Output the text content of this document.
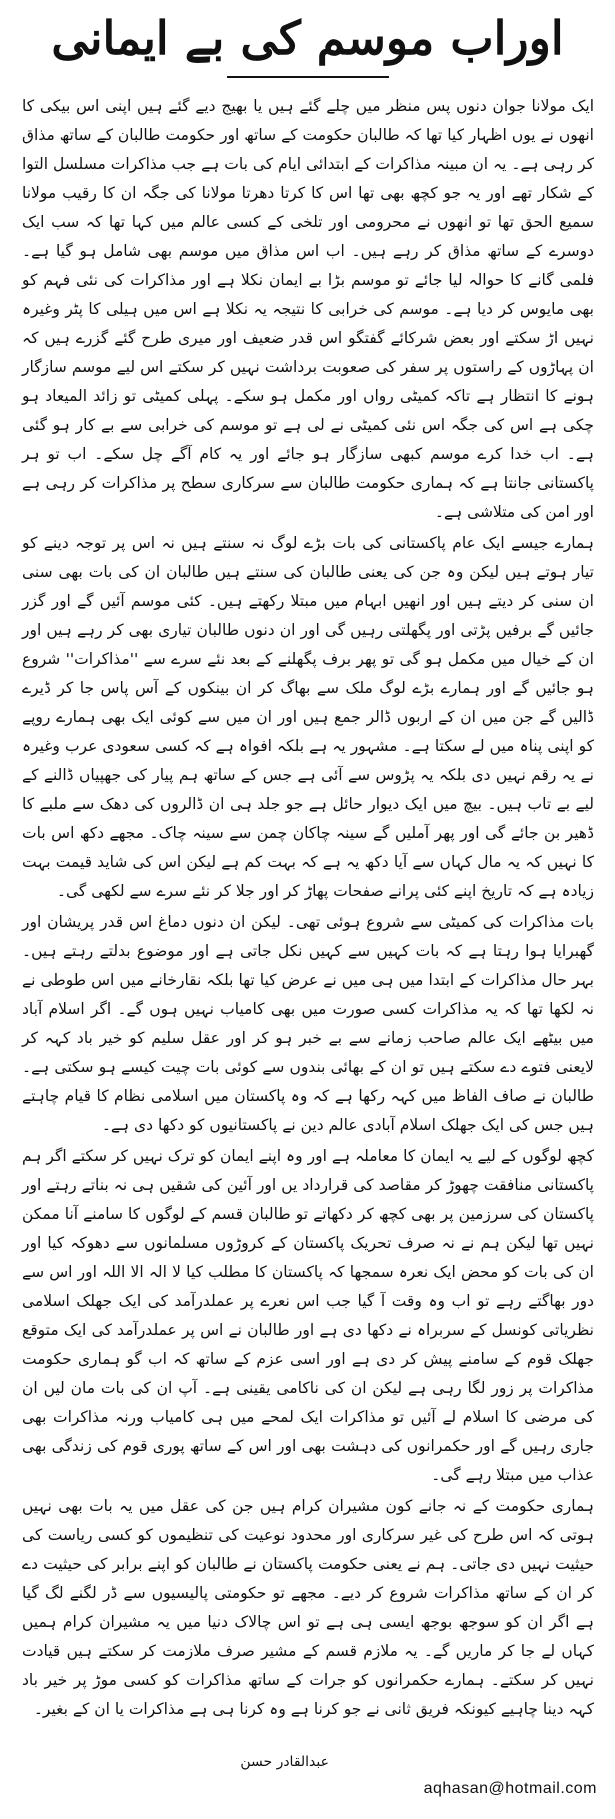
اوراب موسم کی بے ایمانی

ایک مولانا جوان دنوں پس منظر میں چلے گئے ہیں یا بھیج دیے گئے ہیں اپنی اس بیکی کا انھوں نے یوں اظہار کیا تھا کہ طالبان حکومت کے ساتھ اور حکومت طالبان کے ساتھ مذاق کر رہی ہے۔ یہ ان مبینہ مذاکرات کے ابتدائی ایام کی بات ہے جب مذاکرات مسلسل التوا کے شکار تھے اور یہ جو کچھ بھی تھا اس کا کرتا دھرتا مولانا کی جگہ ان کا رقیب مولانا سمیع الحق تھا تو انھوں نے محرومی اور تلخی کے کسی عالم میں کہا تھا کہ سب ایک دوسرے کے ساتھ مذاق کر رہے ہیں۔ اب اس مذاق میں موسم بھی شامل ہو گیا ہے۔ فلمی گانے کا حوالہ لیا جائے تو موسم بڑا بے ایمان نکلا ہے اور مذاکرات کی نئی فہم کو بھی مایوس کر دیا ہے۔ موسم کی خرابی کا نتیجہ یہ نکلا ہے اس میں ہیلی کا پٹر وغیرہ نہیں اڑ سکتے اور بعض شرکائے گفتگو اس قدر ضعیف اور میری طرح گئے گزرے ہیں کہ ان پہاڑوں کے راستوں پر سفر کی صعوبت برداشت نہیں کر سکتے اس لیے موسم سازگار ہونے کا انتظار ہے تاکہ کمیٹی رواں اور مکمل ہو سکے۔ پہلی کمیٹی تو زائد المیعاد ہو چکی ہے اس کی جگہ اس نئی کمیٹی نے لی ہے تو موسم کی خرابی سے بے کار ہو گئی ہے۔ اب خدا کرے موسم کبھی سازگار ہو جائے اور یہ کام آگے چل سکے۔ اب تو ہر پاکستانی جانتا ہے کہ ہماری حکومت طالبان سے سرکاری سطح پر مذاکرات کر رہی ہے اور امن کی متلاشی ہے۔

ہمارے جیسے ایک عام پاکستانی کی بات بڑے لوگ نہ سنتے ہیں نہ اس پر توجہ دینے کو تیار ہوتے ہیں لیکن وہ جن کی یعنی طالبان کی سنتے ہیں طالبان ان کی بات بھی سنی ان سنی کر دیتے ہیں اور انھیں ابہام میں مبتلا رکھتے ہیں۔ کئی موسم آئیں گے اور گزر جائیں گے برفیں پڑتی اور پگھلتی رہیں گی اور ان دنوں طالبان تیاری بھی کر رہے ہیں اور ان کے خیال میں مکمل ہو گی تو پھر برف پگھلنے کے بعد نئے سرے سے ''مذاکرات'' شروع ہو جائیں گے اور ہمارے بڑے لوگ ملک سے بھاگ کر ان بینکوں کے آس پاس جا کر ڈیرے ڈالیں گے جن میں ان کے اربوں ڈالر جمع ہیں اور ان میں سے کوئی ایک بھی ہمارے روپے کو اپنی پناہ میں لے سکتا ہے۔ مشہور یہ ہے بلکہ افواہ ہے کہ کسی سعودی عرب وغیرہ نے یہ رقم نہیں دی بلکہ یہ پڑوس سے آئی ہے جس کے ساتھ ہم پیار کی جھپیاں ڈالنے کے لیے بے تاب ہیں۔ بیچ میں ایک دیوار حائل ہے جو جلد ہی ان ڈالروں کی دھک سے ملبے کا ڈھیر بن جائے گی اور پھر آملیں گے سینہ چاکان چمن سے سینہ چاک۔ مجھے دکھ اس بات کا نہیں کہ یہ مال کہاں سے آیا دکھ یہ ہے کہ بہت کم ہے لیکن اس کی شاید قیمت بہت زیادہ ہے کہ تاریخ اپنے کئی پرانے صفحات پھاڑ کر اور جلا کر نئے سرے سے لکھی گی۔

بات مذاکرات کی کمیٹی سے شروع ہوئی تھی۔ لیکن ان دنوں دماغ اس قدر پریشان اور گھبرایا ہوا رہتا ہے کہ بات کہیں سے کہیں نکل جاتی ہے اور موضوع بدلتے رہتے ہیں۔ بہر حال مذاکرات کے ابتدا میں ہی میں نے عرض کیا تھا بلکہ نقارخانے میں اس طوطی نے نہ لکھا تھا کہ یہ مذاکرات کسی صورت میں بھی کامیاب نہیں ہوں گے۔ اگر اسلام آباد میں بیٹھے ایک عالم صاحب زمانے سے بے خبر ہو کر اور عقل سلیم کو خیر باد کہہ کر لایعنی فتوے دے سکتے ہیں تو ان کے بھائی بندوں سے کوئی بات چیت کیسے ہو سکتی ہے۔ طالبان نے صاف الفاظ میں کہہ رکھا ہے کہ وہ پاکستان میں اسلامی نظام کا قیام چاہتے ہیں جس کی ایک جھلک اسلام آبادی عالم دین نے پاکستانیوں کو دکھا دی ہے۔

کچھ لوگوں کے لیے یہ ایمان کا معاملہ ہے اور وہ اپنے ایمان کو ترک نہیں کر سکتے اگر ہم پاکستانی منافقت چھوڑ کر مقاصد کی قرارداد یں اور آئین کی شقیں ہی نہ بناتے رہتے اور پاکستان کی سرزمین پر بھی کچھ کر دکھاتے تو طالبان قسم کے لوگوں کا سامنے آنا ممکن نہیں تھا لیکن ہم نے نہ صرف تحریک پاکستان کے کروڑوں مسلمانوں سے دھوکہ کیا اور ان کی بات کو محض ایک نعرہ سمجھا کہ پاکستان کا مطلب کیا لا الہ الا اللہ اور اس سے دور بھاگتے رہے تو اب وہ وقت آ گیا جب اس نعرے پر عملدرآمد کی ایک جھلک اسلامی نظریاتی کونسل کے سربراہ نے دکھا دی ہے اور طالبان نے اس پر عملدرآمد کی ایک متوقع جھلک قوم کے سامنے پیش کر دی ہے اور اسی عزم کے ساتھ کہ اب گو ہماری حکومت مذاکرات پر زور لگا رہی ہے لیکن ان کی ناکامی یقینی ہے۔ آپ ان کی بات مان لیں ان کی مرضی کا اسلام لے آئیں تو مذاکرات ایک لمحے میں ہی کامیاب ورنہ مذاکرات بھی جاری رہیں گے اور حکمرانوں کی دہشت بھی اور اس کے ساتھ پوری قوم کی زندگی بھی عذاب میں مبتلا رہے گی۔

ہماری حکومت کے نہ جانے کون مشیران کرام ہیں جن کی عقل میں یہ بات بھی نہیں ہوتی کہ اس طرح کی غیر سرکاری اور محدود نوعیت کی تنظیموں کو کسی ریاست کی حیثیت نہیں دی جاتی۔ ہم نے یعنی حکومت پاکستان نے طالبان کو اپنے برابر کی حیثیت دے کر ان کے ساتھ مذاکرات شروع کر دیے۔ مجھے تو حکومتی پالیسیوں سے ڈر لگنے لگ گیا ہے اگر ان کو سوجھ بوجھ ایسی ہی ہے تو اس چالاک دنیا میں یہ مشیران کرام ہمیں کہاں لے جا کر ماریں گے۔ یہ ملازم قسم کے مشیر صرف ملازمت کر سکتے ہیں قیادت نہیں کر سکتے۔ ہمارے حکمرانوں کو جرات کے ساتھ مذاکرات کو کسی موڑ پر خیر باد کہہ دینا چاہیے کیونکہ فریق ثانی نے جو کرنا ہے وہ کرنا ہی ہے مذاکرات یا ان کے بغیر۔

عبدالقادر حسن
aqhasan@hotmail.com
